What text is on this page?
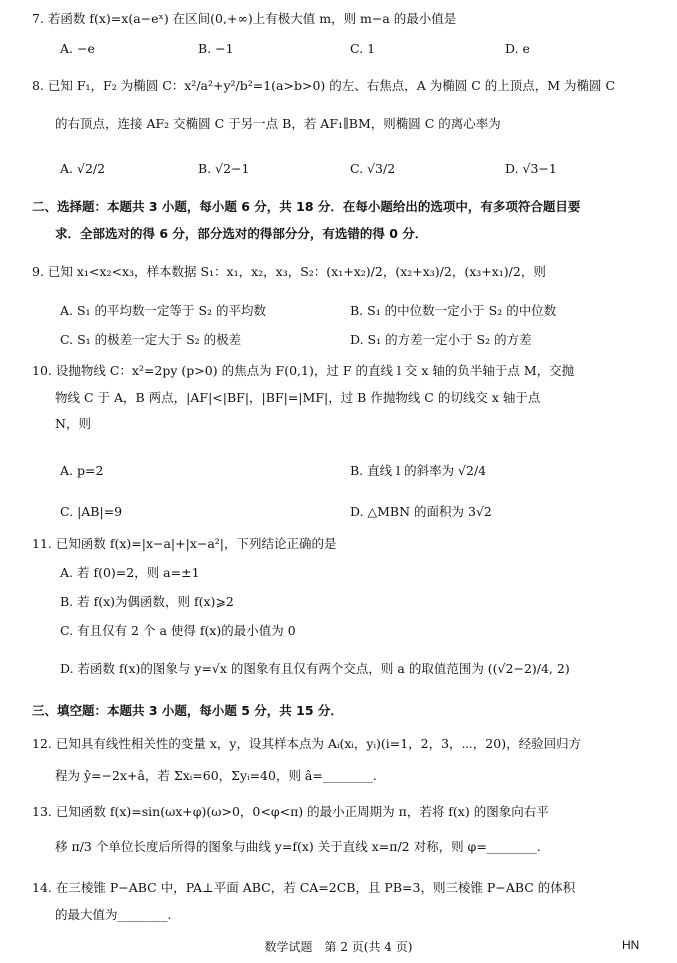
7. 若函数 f(x)=x(a−eˣ) 在区间(0,+∞)上有极大值 m，则 m−a 的最小值是
A. −e	B. −1	C. 1	D. e
8. 已知 F₁，F₂ 为椭圆 C：x²/a²+y²/b²=1(a>b>0) 的左、右焦点，A 为椭圆 C 的上顶点，M 为椭圆 C
的右顶点，连接 AF₂ 交椭圆 C 于另一点 B，若 AF₁∥BM，则椭圆 C 的离心率为
A. √2/2	B. √2−1	C. √3/2	D. √3−1
二、选择题：本题共 3 小题，每小题 6 分，共 18 分．在每小题给出的选项中，有多项符合题目要
求．全部选对的得 6 分，部分选对的得部分分，有选错的得 0 分．
9. 已知 x₁<x₂<x₃，样本数据 S₁：x₁，x₂，x₃，S₂：(x₁+x₂)/2，(x₂+x₃)/2，(x₃+x₁)/2，则
A. S₁ 的平均数一定等于 S₂ 的平均数	B. S₁ 的中位数一定小于 S₂ 的中位数
C. S₁ 的极差一定大于 S₂ 的极差	D. S₁ 的方差一定小于 S₂ 的方差
10. 设抛物线 C：x²=2py (p>0) 的焦点为 F(0,1)，过 F 的直线 l 交 x 轴的负半轴于点 M，交抛
物线 C 于 A，B 两点，|AF|<|BF|，|BF|=|MF|，过 B 作抛物线 C 的切线交 x 轴于点
N，则
A. p=2	B. 直线 l 的斜率为 √2/4
C. |AB|=9	D. △MBN 的面积为 3√2
11. 已知函数 f(x)=|x−a|+|x−a²|，下列结论正确的是
A. 若 f(0)=2，则 a=±1
B. 若 f(x)为偶函数，则 f(x)⩾2
C. 有且仅有 2 个 a 使得 f(x)的最小值为 0
D. 若函数 f(x)的图象与 y=√x 的图象有且仅有两个交点，则 a 的取值范围为 ((√2−2)/4, 2)
三、填空题：本题共 3 小题，每小题 5 分，共 15 分．
12. 已知具有线性相关性的变量 x，y，设其样本点为 Aᵢ(xᵢ，yᵢ)(i=1，2，3，⋯，20)，经验回归方
程为 ŷ=−2x+â，若 Σxᵢ=60，Σyᵢ=40，则 â=________.
13. 已知函数 f(x)=sin(ωx+φ)(ω>0，0<φ<π) 的最小正周期为 π，若将 f(x) 的图象向右平
移 π/3 个单位长度后所得的图象与曲线 y=f(x) 关于直线 x=π/2 对称，则 φ=________.
14. 在三棱锥 P−ABC 中，PA⊥平面 ABC，若 CA=2CB，且 PB=3，则三棱锥 P−ABC 的体积
的最大值为________.
数学试题　第 2 页(共 4 页)	HN
